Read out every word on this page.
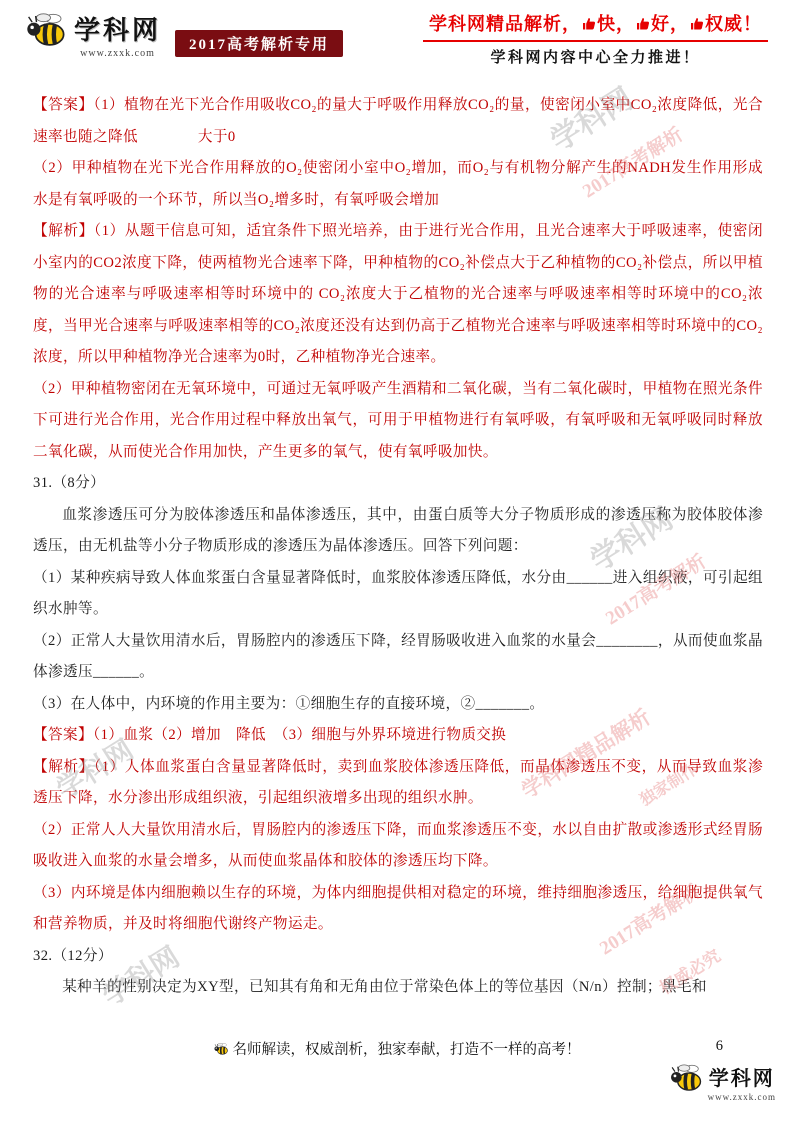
学科网
www.zxxk.com
2017高考解析专用
学科网精品解析， 快， 好， 权威！
学科网内容中心全力推进！

【答案】（1）植物在光下光合作用吸收CO₂的量大于呼吸作用释放CO₂的量，使密闭小室中CO₂浓度降低，光合速率也随之降低　　　　大于0

（2）甲种植物在光下光合作用释放的O₂使密闭小室中O₂增加，而O₂与有机物分解产生的NADH发生作用形成水是有氧呼吸的一个环节，所以当O₂增多时，有氧呼吸会增加

【解析】（1）从题干信息可知，适宜条件下照光培养，由于进行光合作用，且光合速率大于呼吸速率，使密闭小室内的CO2浓度下降，使两植物光合速率下降，甲种植物的CO₂补偿点大于乙种植物的CO₂补偿点，所以甲植物的光合速率与呼吸速率相等时环境中的 CO₂浓度大于乙植物的光合速率与呼吸速率相等时环境中的CO₂浓度，当甲光合速率与呼吸速率相等的CO₂浓度还没有达到仍高于乙植物光合速率与呼吸速率相等时环境中的CO₂浓度，所以甲种植物净光合速率为0时，乙种植物净光合速率。

（2）甲种植物密闭在无氧环境中，可通过无氧呼吸产生酒精和二氧化碳，当有二氧化碳时，甲植物在照光条件下可进行光合作用，光合作用过程中释放出氧气，可用于甲植物进行有氧呼吸，有氧呼吸和无氧呼吸同时释放二氧化碳，从而使光合作用加快，产生更多的氧气，使有氧呼吸加快。

31.（8分）

血浆渗透压可分为胶体渗透压和晶体渗透压，其中，由蛋白质等大分子物质形成的渗透压称为胶体胶体渗透压，由无机盐等小分子物质形成的渗透压为晶体渗透压。回答下列问题：

（1）某种疾病导致人体血浆蛋白含量显著降低时，血浆胶体渗透压降低，水分由______进入组织液，可引起组织水肿等。

（2）正常人大量饮用清水后，胃肠腔内的渗透压下降，经胃肠吸收进入血浆的水量会________，从而使血浆晶体渗透压______。

（3）在人体中，内环境的作用主要为：①细胞生存的直接环境，②_______。

【答案】（1）血浆（2）增加　降低　（3）细胞与外界环境进行物质交换

【解析】（1）人体血浆蛋白含量显著降低时，卖到血浆胶体渗透压降低，而晶体渗透压不变，从而导致血浆渗透压下降，水分渗出形成组织液，引起组织液增多出现的组织水肿。

（2）正常人人大量饮用清水后，胃肠腔内的渗透压下降，而血浆渗透压不变，水以自由扩散或渗透形式经胃肠吸收进入血浆的水量会增多，从而使血浆晶体和胶体的渗透压均下降。

（3）内环境是体内细胞赖以生存的环境，为体内细胞提供相对稳定的环境，维持细胞渗透压，给细胞提供氧气和营养物质，并及时将细胞代谢终产物运走。

32.（12分）

某种羊的性别决定为XY型，已知其有角和无角由位于常染色体上的等位基因（N/n）控制；黑毛和

名师解读，权威剖析，独家奉献，打造不一样的高考！	6
学科网
www.zxxk.com
学科网
2017高考解析
学科网
2017高考解析
学科网精品解析
学科网
2017高考解析
权威必究
学科网
独家制作
